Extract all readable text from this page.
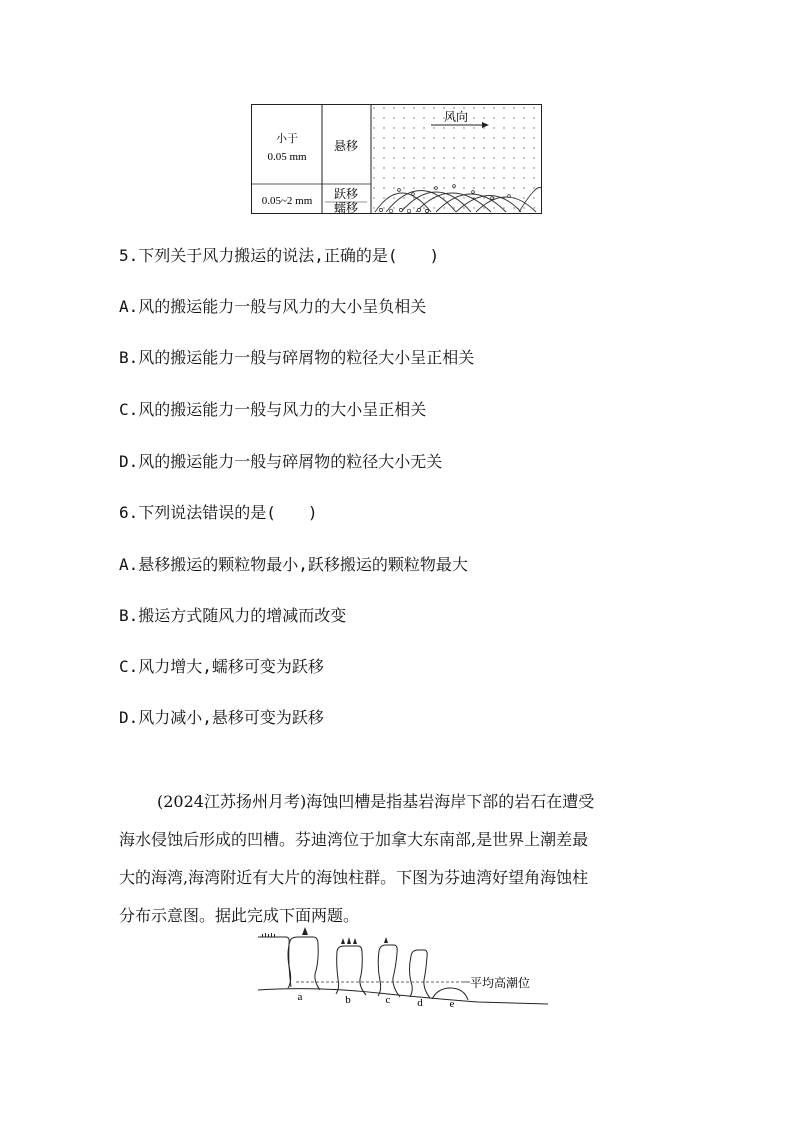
小于
0.05 mm
悬移
0.05~2 mm 跃移
蠕移
风向
5.下列关于风力搬运的说法,正确的是(　　)
A.风的搬运能力一般与风力的大小呈负相关
B.风的搬运能力一般与碎屑物的粒径大小呈正相关
C.风的搬运能力一般与风力的大小呈正相关
D.风的搬运能力一般与碎屑物的粒径大小无关
6.下列说法错误的是(　　)
A.悬移搬运的颗粒物最小,跃移搬运的颗粒物最大
B.搬运方式随风力的增减而改变
C.风力增大,蠕移可变为跃移
D.风力减小,悬移可变为跃移
(2024江苏扬州月考)海蚀凹槽是指基岩海岸下部的岩石在遭受
海水侵蚀后形成的凹槽。芬迪湾位于加拿大东南部,是世界上潮差最
大的海湾,海湾附近有大片的海蚀柱群。下图为芬迪湾好望角海蚀柱
分布示意图。据此完成下面两题。
平均高潮位
a	b	c d e
